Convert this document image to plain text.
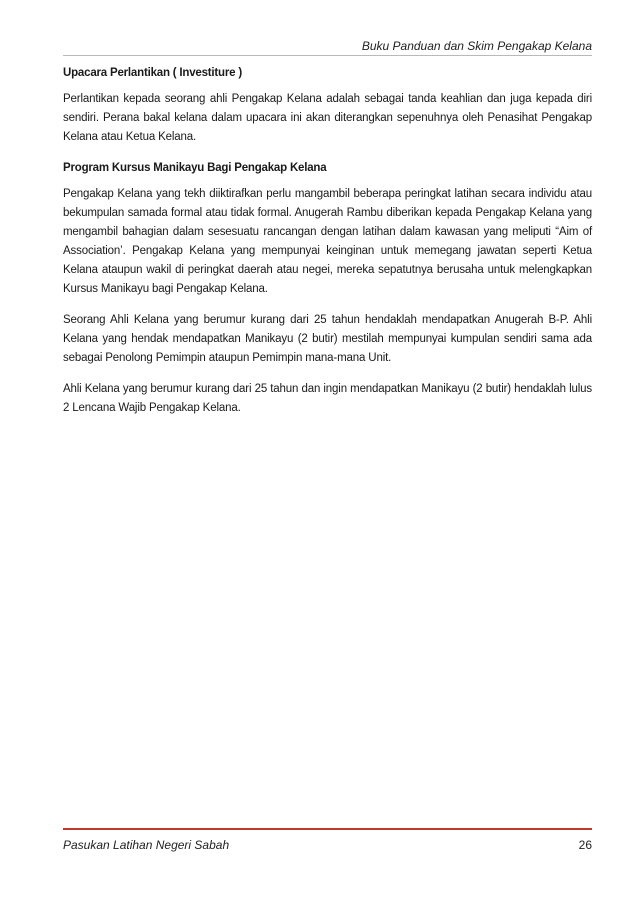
Buku Panduan dan Skim Pengakap Kelana

Upacara Perlantikan ( Investiture )

Perlantikan kepada seorang ahli Pengakap Kelana adalah sebagai tanda keahlian dan juga kepada diri sendiri. Perana bakal kelana dalam upacara ini akan diterangkan sepenuhnya oleh Penasihat Pengakap Kelana atau Ketua Kelana.

Program Kursus Manikayu Bagi Pengakap Kelana

Pengakap Kelana yang tekh diiktirafkan perlu mangambil beberapa peringkat latihan secara individu atau bekumpulan samada formal atau tidak formal. Anugerah Rambu diberikan kepada Pengakap Kelana yang mengambil bahagian dalam sesesuatu rancangan dengan latihan dalam kawasan yang meliputi “Aim of Association’. Pengakap Kelana yang mempunyai keinginan untuk memegang jawatan seperti Ketua Kelana ataupun wakil di peringkat daerah atau negei, mereka sepatutnya berusaha untuk melengkapkan Kursus Manikayu bagi Pengakap Kelana.

Seorang Ahli Kelana yang berumur kurang dari 25 tahun hendaklah mendapatkan Anugerah B-P. Ahli Kelana yang hendak mendapatkan Manikayu (2 butir) mestilah mempunyai kumpulan sendiri sama ada sebagai Penolong Pemimpin ataupun Pemimpin mana-mana Unit.

Ahli Kelana yang berumur kurang dari 25 tahun dan ingin mendapatkan Manikayu (2 butir) hendaklah lulus 2 Lencana Wajib Pengakap Kelana.

Pasukan Latihan Negeri Sabah	26
